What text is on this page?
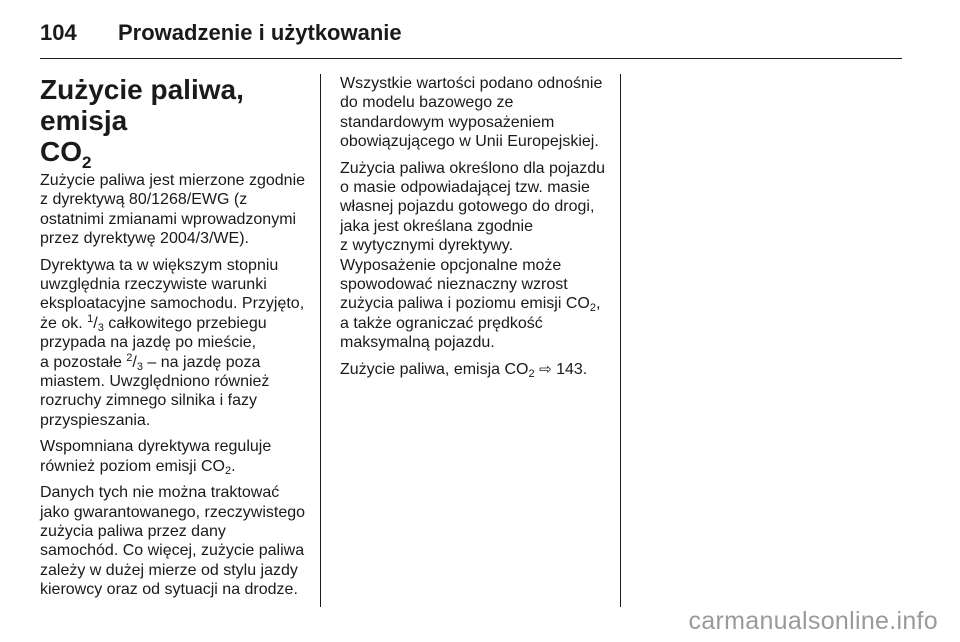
104 Prowadzenie i użytkowanie
Zużycie paliwa, emisja
$CO_2$

Zużycie paliwa jest mierzone zgodnie z dyrektywą 80/1268/EWG (z ostatnimi zmianami wprowadzonymi przez dyrektywę 2004/3/WE).

Dyrektywa ta w większym stopniu uwzględnia rzeczywiste warunki eksploatacyjne samochodu. Przyjęto, że ok. $^1/_3$ całkowitego przebiegu przypada na jazdę po mieście,
a pozostałe $^2/_3$ – na jazdę poza miastem. Uwzględniono również rozruchy zimnego silnika i fazy przyspieszania.

Wspomniana dyrektywa reguluje również poziom emisji $CO_2$.

Danych tych nie można traktować jako gwarantowanego, rzeczywistego zużycia paliwa przez dany samochód. Co więcej, zużycie paliwa zależy w dużej mierze od stylu jazdy kierowcy oraz od sytuacji na drodze.

Wszystkie wartości podano odnośnie do modelu bazowego ze standardowym wyposażeniem obowiązującego w Unii Europejskiej.

Zużycia paliwa określono dla pojazdu o masie odpowiadającej tzw. masie własnej pojazdu gotowego do drogi, jaka jest określana zgodnie
z wytycznymi dyrektywy.
Wyposażenie opcjonalne może spowodować nieznaczny wzrost zużycia paliwa i poziomu emisji $CO_2$,
a także ograniczać prędkość maksymalną pojazdu.

Zużycie paliwa, emisja $CO_2$ ⇨ 143.

carmanualsonline.info
